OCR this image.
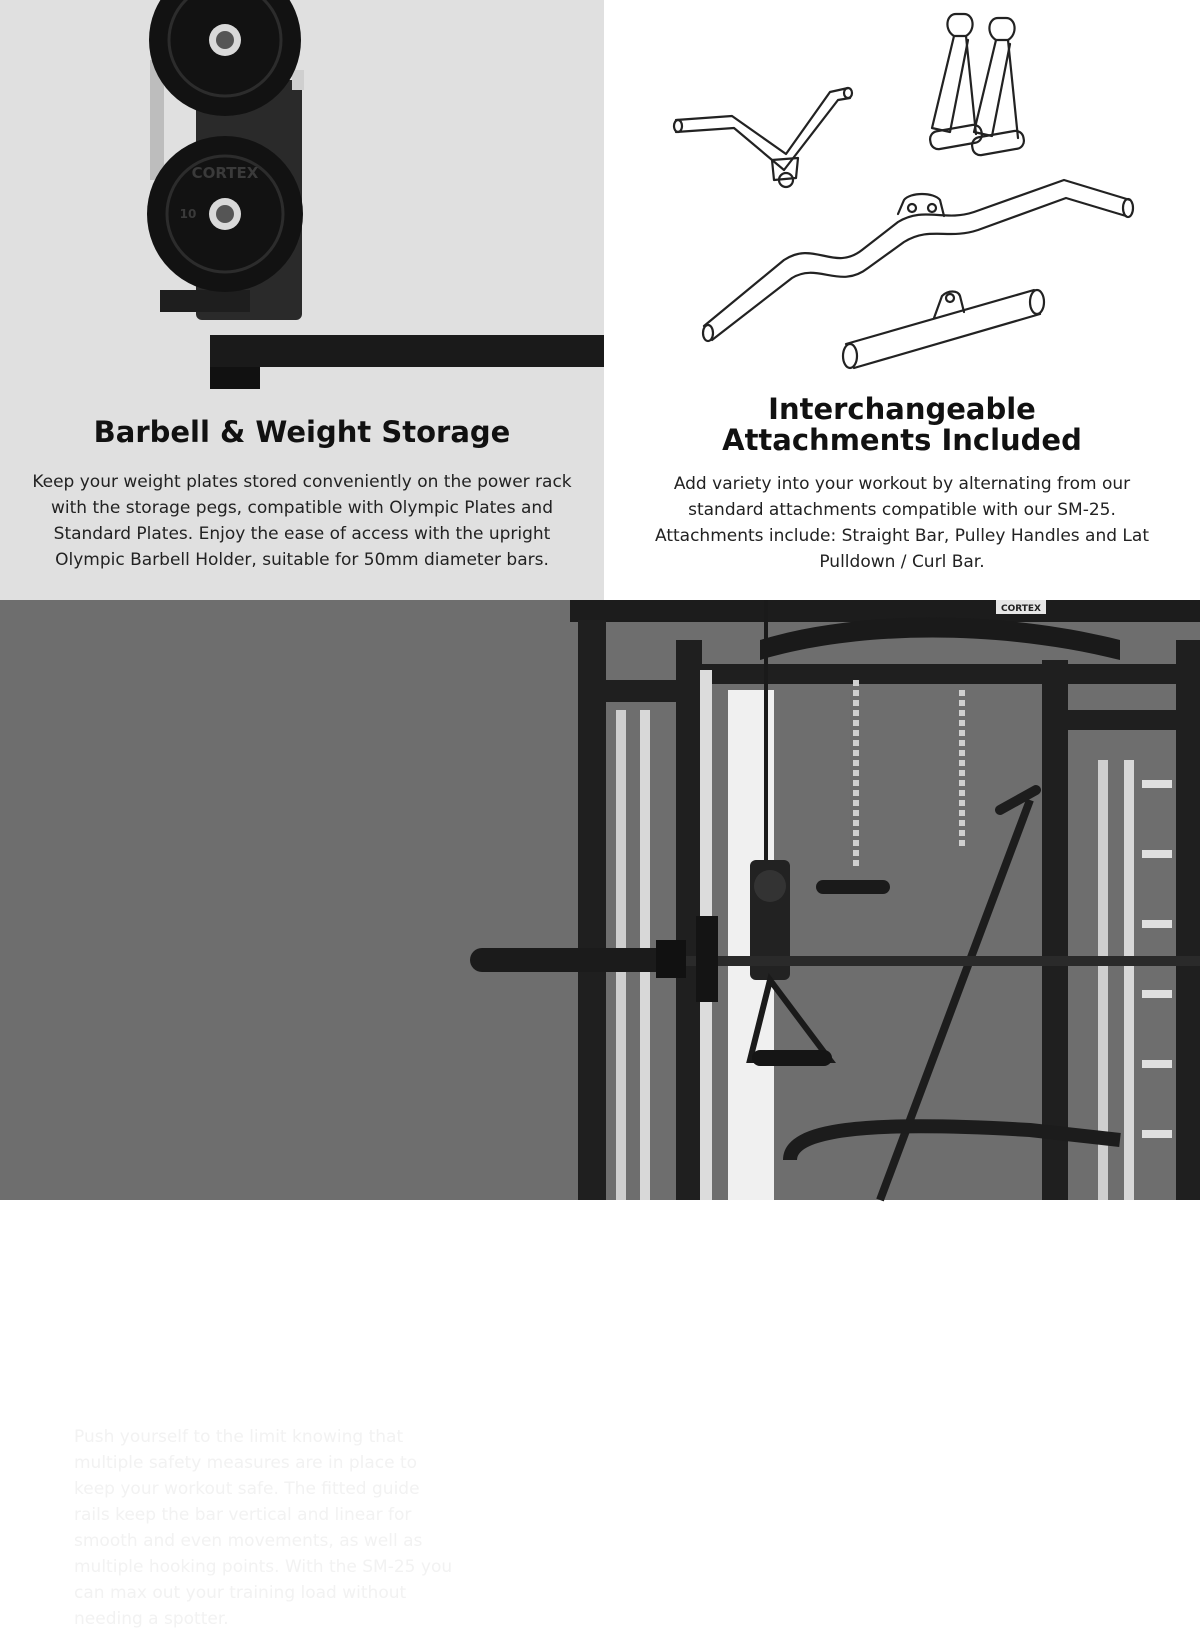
CORTEX
10
Barbell & Weight Storage

Keep your weight plates stored conveniently on the power rack with the storage pegs, compatible with Olympic Plates and Standard Plates. Enjoy the ease of access with the upright Olympic Barbell Holder, suitable for 50mm diameter bars.

Interchangeable
Attachments Included

Add variety into your workout by alternating from our standard attachments compatible with our SM-25. Attachments include: Straight Bar, Pulley Handles and Lat Pulldown / Curl Bar.

CORTEX
Smith Machine

Push yourself to the limit knowing that multiple safety measures are in place to keep your workout safe. The fitted guide rails keep the bar vertical and linear for smooth and even movements, as well as multiple hooking points. With the SM-25 you can max out your training load without needing a spotter.
